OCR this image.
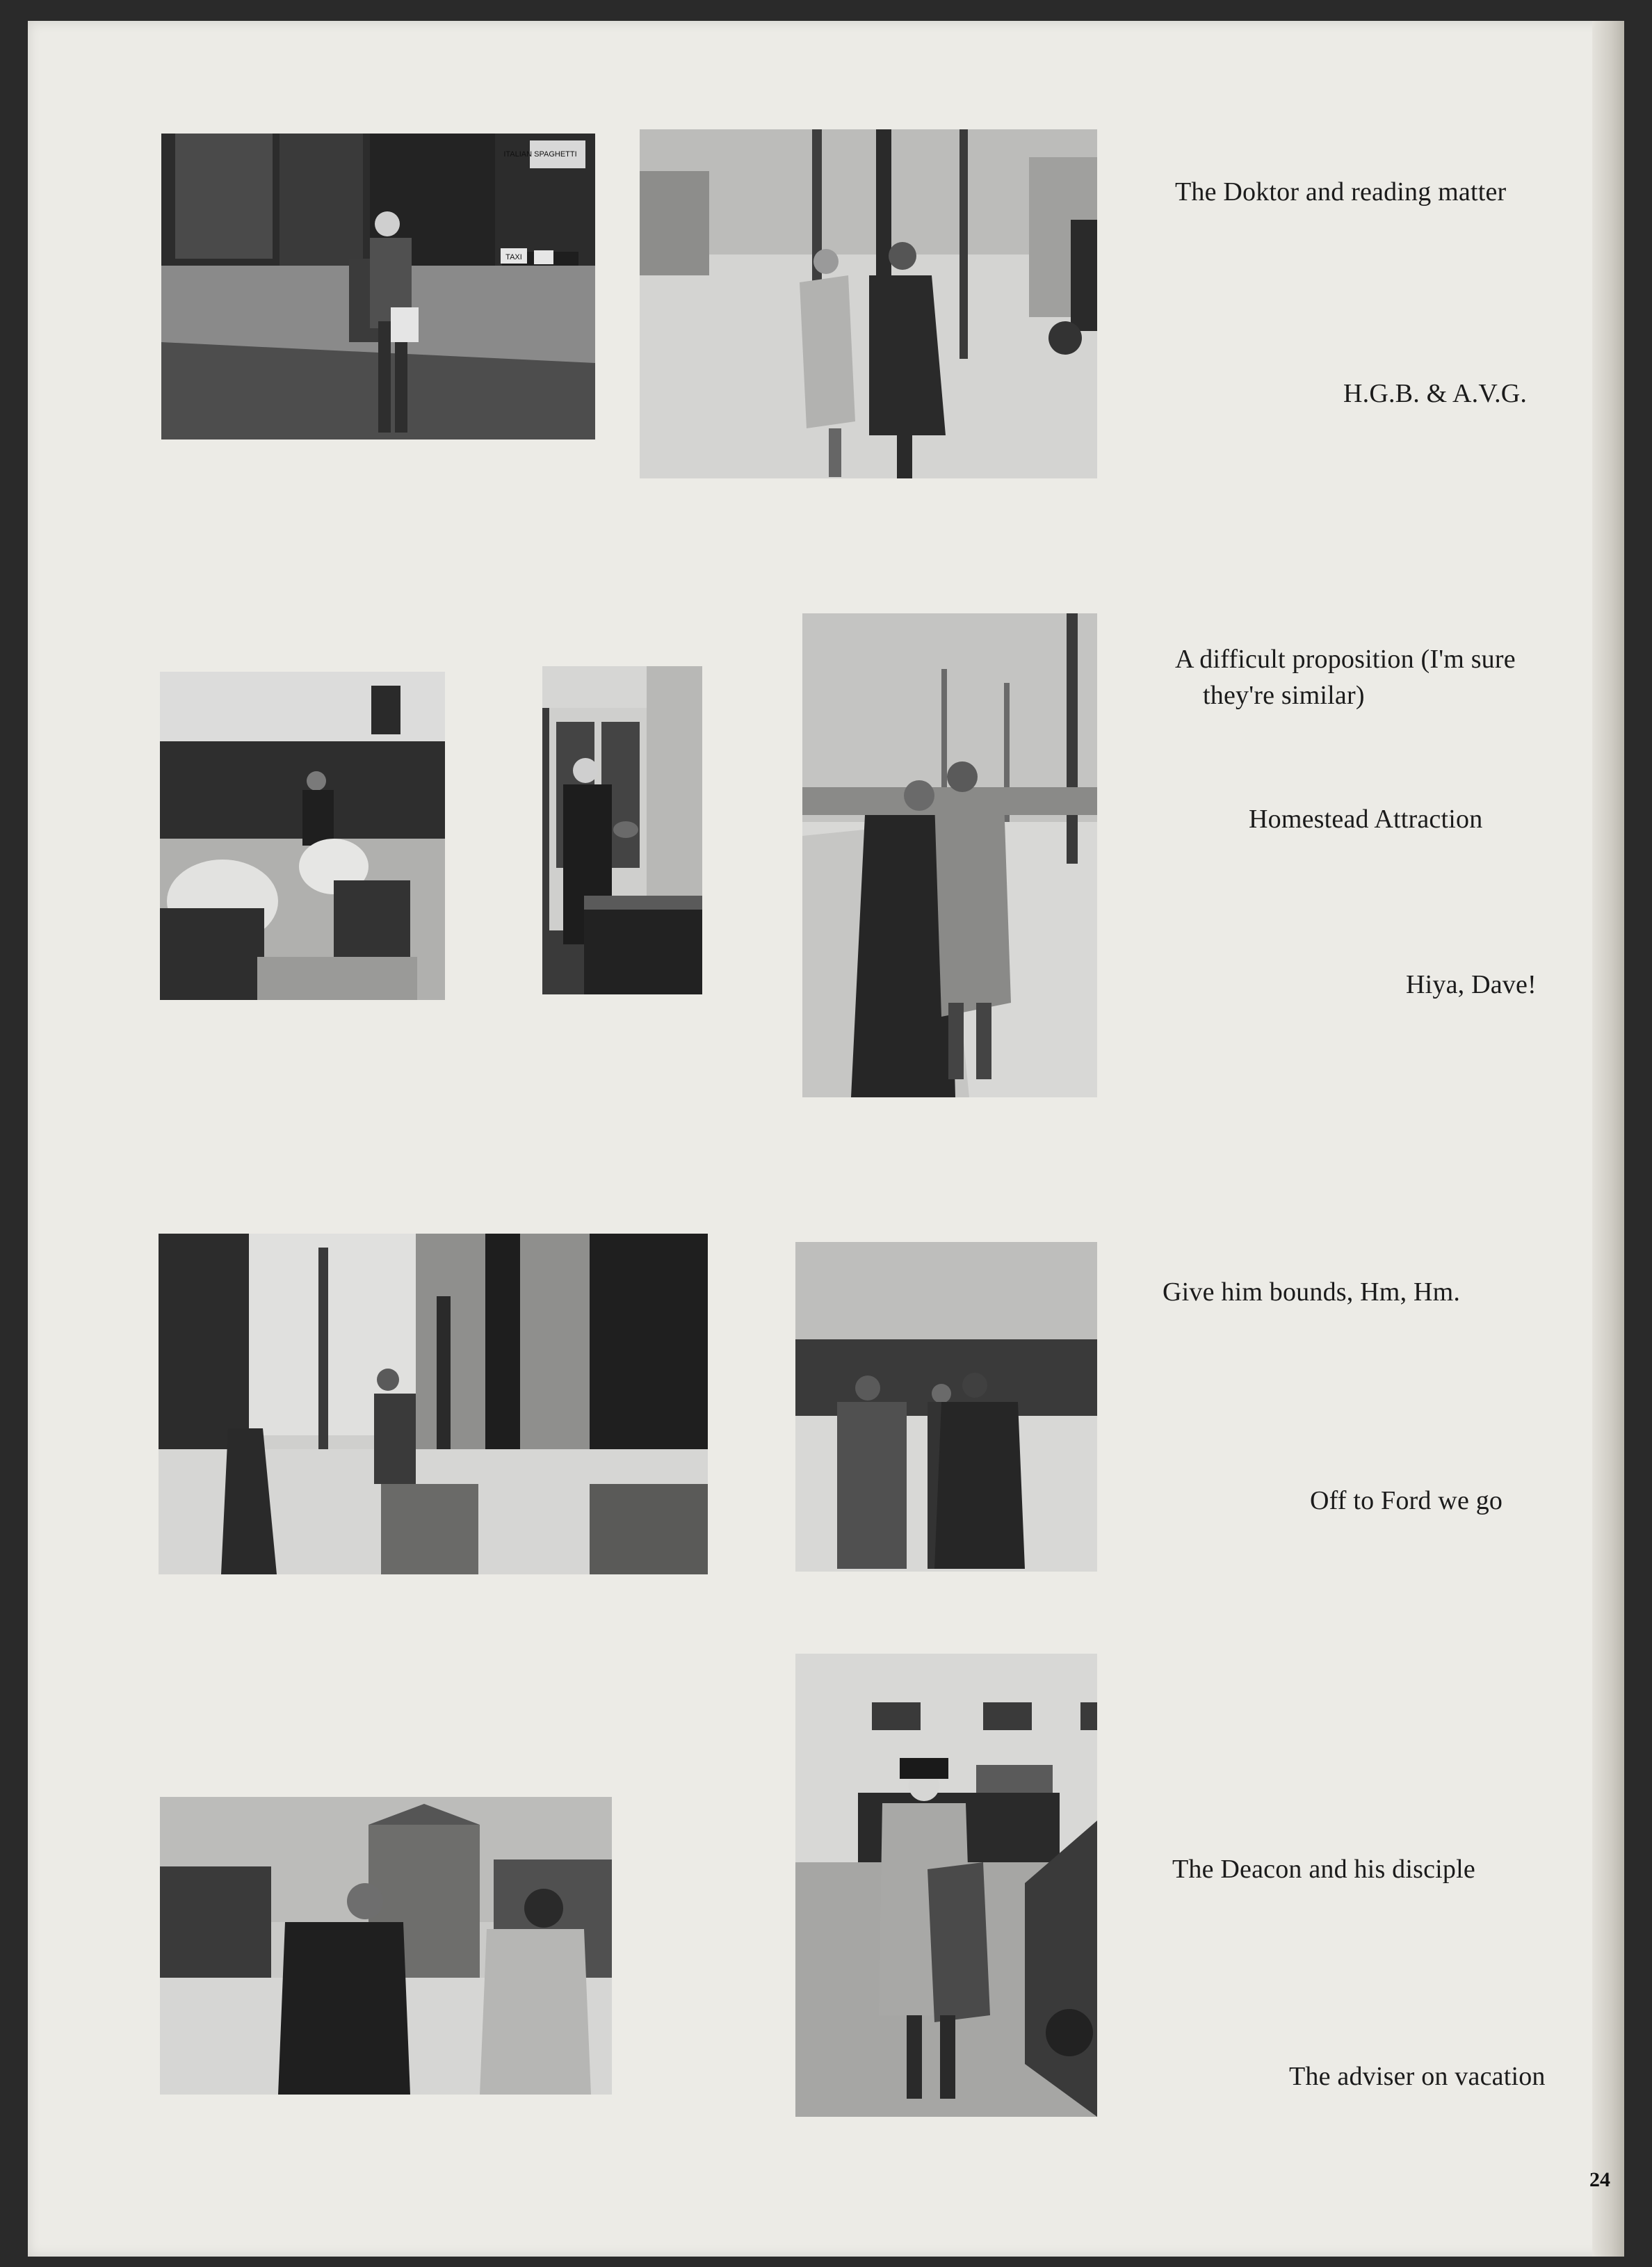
ITALIAN SPAGHETTI
TAXI
The Doktor and reading matter
H.G.B. & A.V.G.
A difficult proposition (I'm sure
they're similar)
Homestead Attraction
Hiya, Dave!
Give him bounds, Hm, Hm.
Off to Ford we go
The Deacon and his disciple
The adviser on vacation
24
